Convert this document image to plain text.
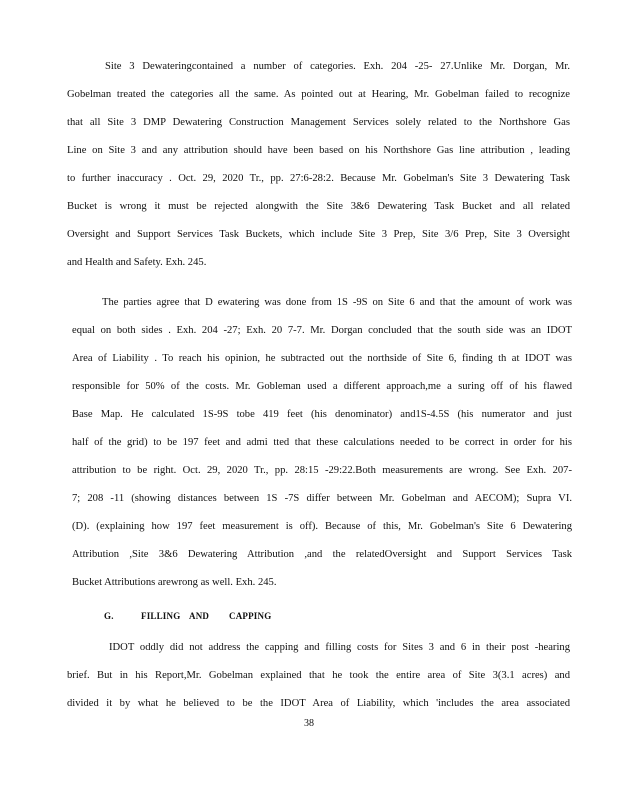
Site 3 Dewateringcontained a number of categories. Exh. 204 -25- 27.Unlike Mr. Dorgan, Mr.
Gobelman treated the categories all the same. As pointed out at Hearing, Mr. Gobelman failed to recognize
that all Site 3 DMP Dewatering Construction Management Services solely related to the Northshore Gas
Line on Site 3 and any attribution should have been based on his Northshore Gas line attribution , leading
to further inaccuracy . Oct. 29, 2020 Tr., pp. 27:6-28:2. Because Mr. Gobelman's Site 3 Dewatering Task
Bucket is wrong it must be rejected alongwith the Site 3&6 Dewatering Task Bucket and all related
Oversight and Support Services Task Buckets, which include Site 3 Prep, Site 3/6 Prep, Site 3 Oversight
and Health and Safety. Exh. 245.
The parties agree that D ewatering was done from 1S -9S on Site 6 and that the amount of work was
equal on both sides . Exh. 204 -27; Exh. 20 7-7. Mr. Dorgan concluded that the south side was an IDOT
Area of Liability . To reach his opinion, he subtracted out the northside of Site 6, finding th at IDOT was
responsible for 50% of the costs. Mr. Gobleman used a different approach,me a suring off of his flawed
Base Map. He calculated 1S-9S tobe 419 feet (his denominator) and1S-4.5S (his numerator and just
half of the grid) to be 197 feet and admi tted that these calculations needed to be correct in order for his
attribution to be right. Oct. 29, 2020 Tr., pp. 28:15 -29:22.Both measurements are wrong. See Exh. 207-
7; 208 -11 (showing distances between 1S -7S differ between Mr. Gobelman and AECOM); Supra VI.
(D). (explaining how 197 feet measurement is off). Because of this, Mr. Gobelman's Site 6 Dewatering
Attribution ,Site 3&6 Dewatering Attribution ,and the relatedOversight and Support Services Task
Bucket Attributions arewrong as well. Exh. 245.
G.	FILLING AND CAPPING
IDOT oddly did not address the capping and filling costs for Sites 3 and 6 in their post -hearing
brief. But in his Report,Mr. Gobelman explained that he took the entire area of Site 3(3.1 acres) and
divided it by what he believed to be the IDOT Area of Liability, which 'includes the area associated
38
